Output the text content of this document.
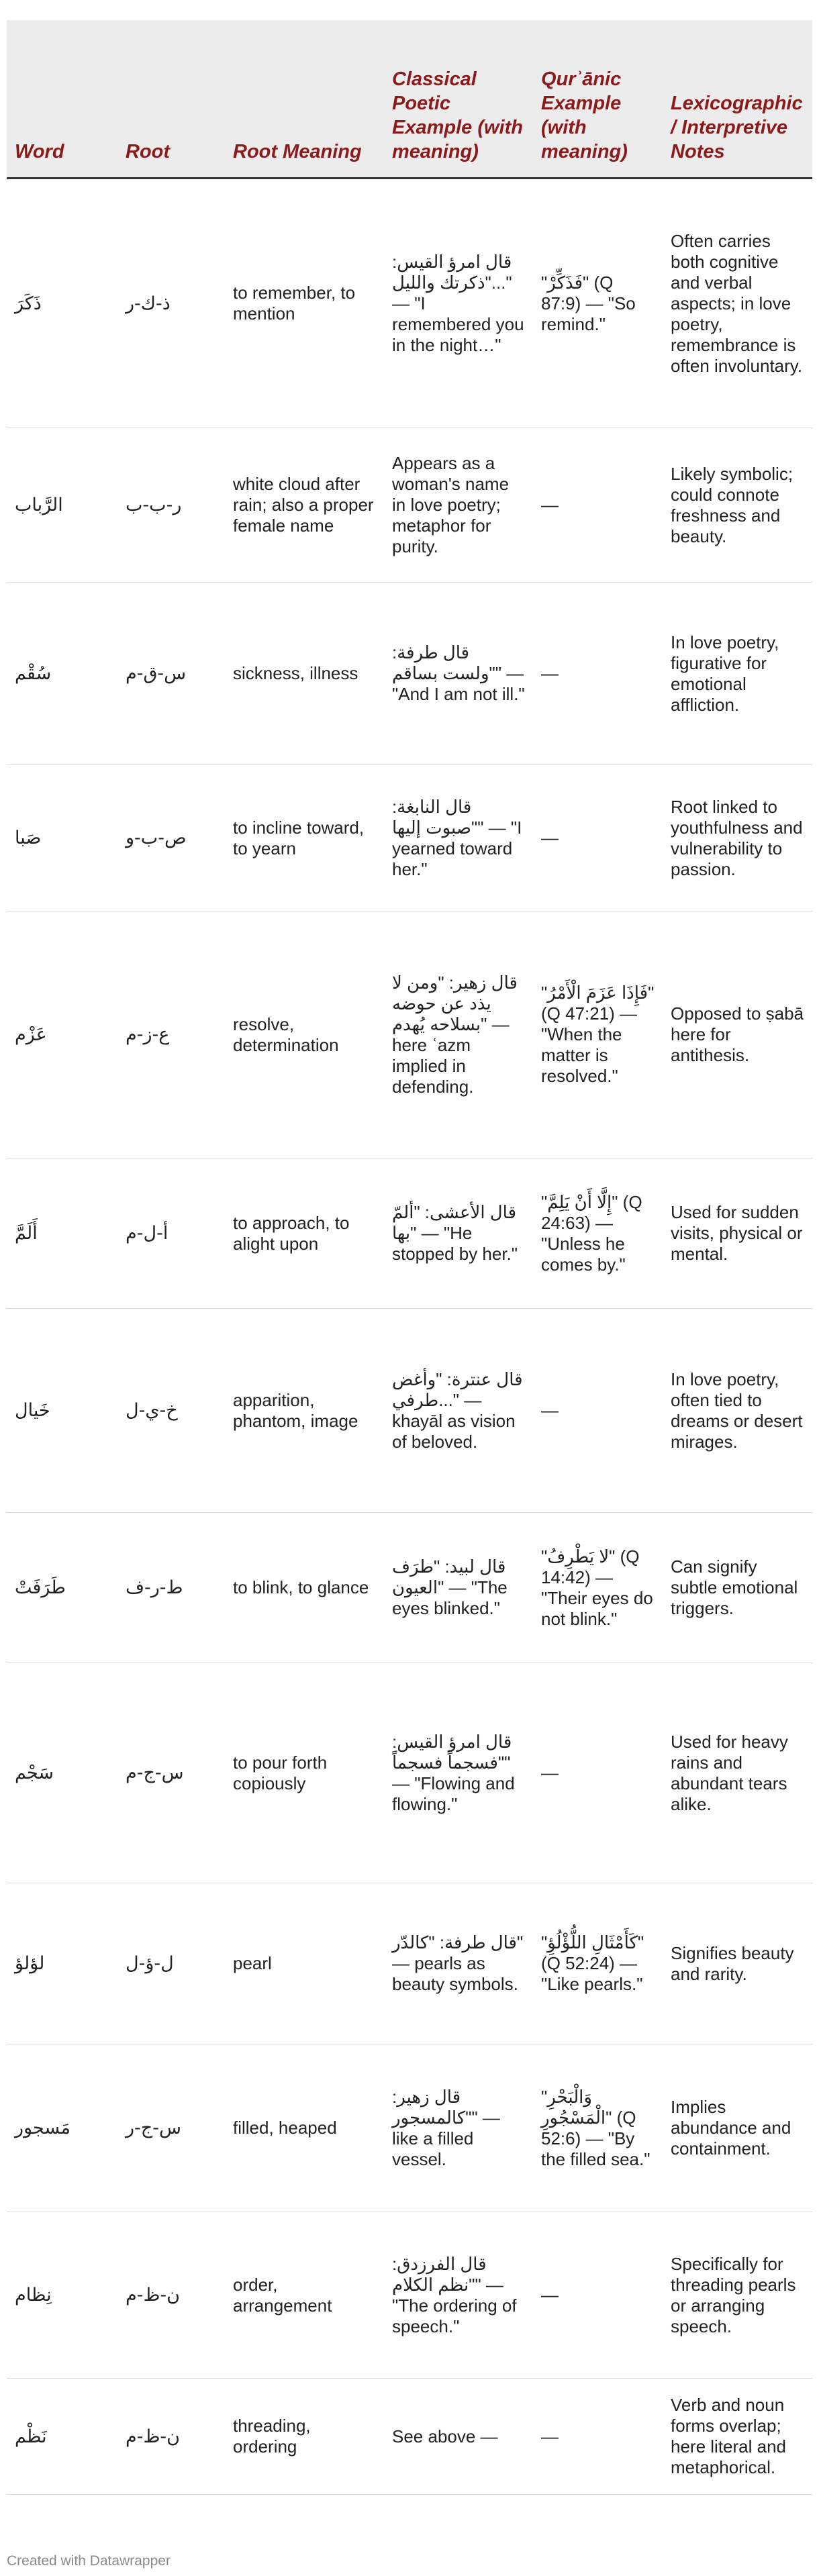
Word	Root	Root Meaning	Classical Poetic Example (with meaning)	Qurʾānic Example (with meaning)	Lexicographic / Interpretive Notes
ذَكَرَ	ذ-ك-ر	to remember, to mention	قال امرؤ القيس: "ذكرتك والليل..." — "I remembered you in the night…"	"فَذَكِّرْ" (Q 87:9) — "So remind."	Often carries both cognitive and verbal aspects; in love poetry, remembrance is often involuntary.
الرَّباب	ر-ب-ب	white cloud after rain; also a proper female name	Appears as a woman's name in love poetry; metaphor for purity.	—	Likely symbolic; could connote freshness and beauty.
سُقْم	س-ق-م	sickness, illness	قال طرفة: "ولست بساقم" — "And I am not ill."	—	In love poetry, figurative for emotional affliction.
صَبا	ص-ب-و	to incline toward, to yearn	قال النابغة: "صبوت إليها" — "I yearned toward her."	—	Root linked to youthfulness and vulnerability to passion.
عَزْم	ع-ز-م	resolve, determination	قال زهير: "ومن لا يذد عن حوضه بسلاحه يُهدم" — here ʿazm implied in defending.	"فَإِذَا عَزَمَ الْأَمْرُ" (Q 47:21) — "When the matter is resolved."	Opposed to ṣabā here for antithesis.
أَلَمَّ	أ-ل-م	to approach, to alight upon	قال الأعشى: "ألمّ بها" — "He stopped by her."	"إِلَّا أَنْ يَلِمَّ" (Q 24:63) — "Unless he comes by."	Used for sudden visits, physical or mental.
خَيال	خ-ي-ل	apparition, phantom, image	قال عنترة: "وأغض طرفي..." — khayāl as vision of beloved.	—	In love poetry, often tied to dreams or desert mirages.
طَرَفَتْ	ط-ر-ف	to blink, to glance	قال لبيد: "طرَف العيون" — "The eyes blinked."	"لا يَطْرِفُ" (Q 14:42) — "Their eyes do not blink."	Can signify subtle emotional triggers.
سَجْم	س-ج-م	to pour forth copiously	قال امرؤ القيس: "فسجماً فسجماً" — "Flowing and flowing."	—	Used for heavy rains and abundant tears alike.
لؤلؤ	ل-ؤ-ل	pearl	قال طرفة: "كالدّر" — pearls as beauty symbols.	"كَأَمْثَالِ اللُّؤْلُؤِ" (Q 52:24) — "Like pearls."	Signifies beauty and rarity.
مَسجور	س-ج-ر	filled, heaped	قال زهير: "كالمسجور" — like a filled vessel.	"وَالْبَحْرِ الْمَسْجُورِ" (Q 52:6) — "By the filled sea."	Implies abundance and containment.
نِظام	ن-ظ-م	order, arrangement	قال الفرزدق: "نظم الكلام" — "The ordering of speech."	—	Specifically for threading pearls or arranging speech.
نَظْم	ن-ظ-م	threading, ordering	See above —	—	Verb and noun forms overlap; here literal and metaphorical.
Created with Datawrapper
